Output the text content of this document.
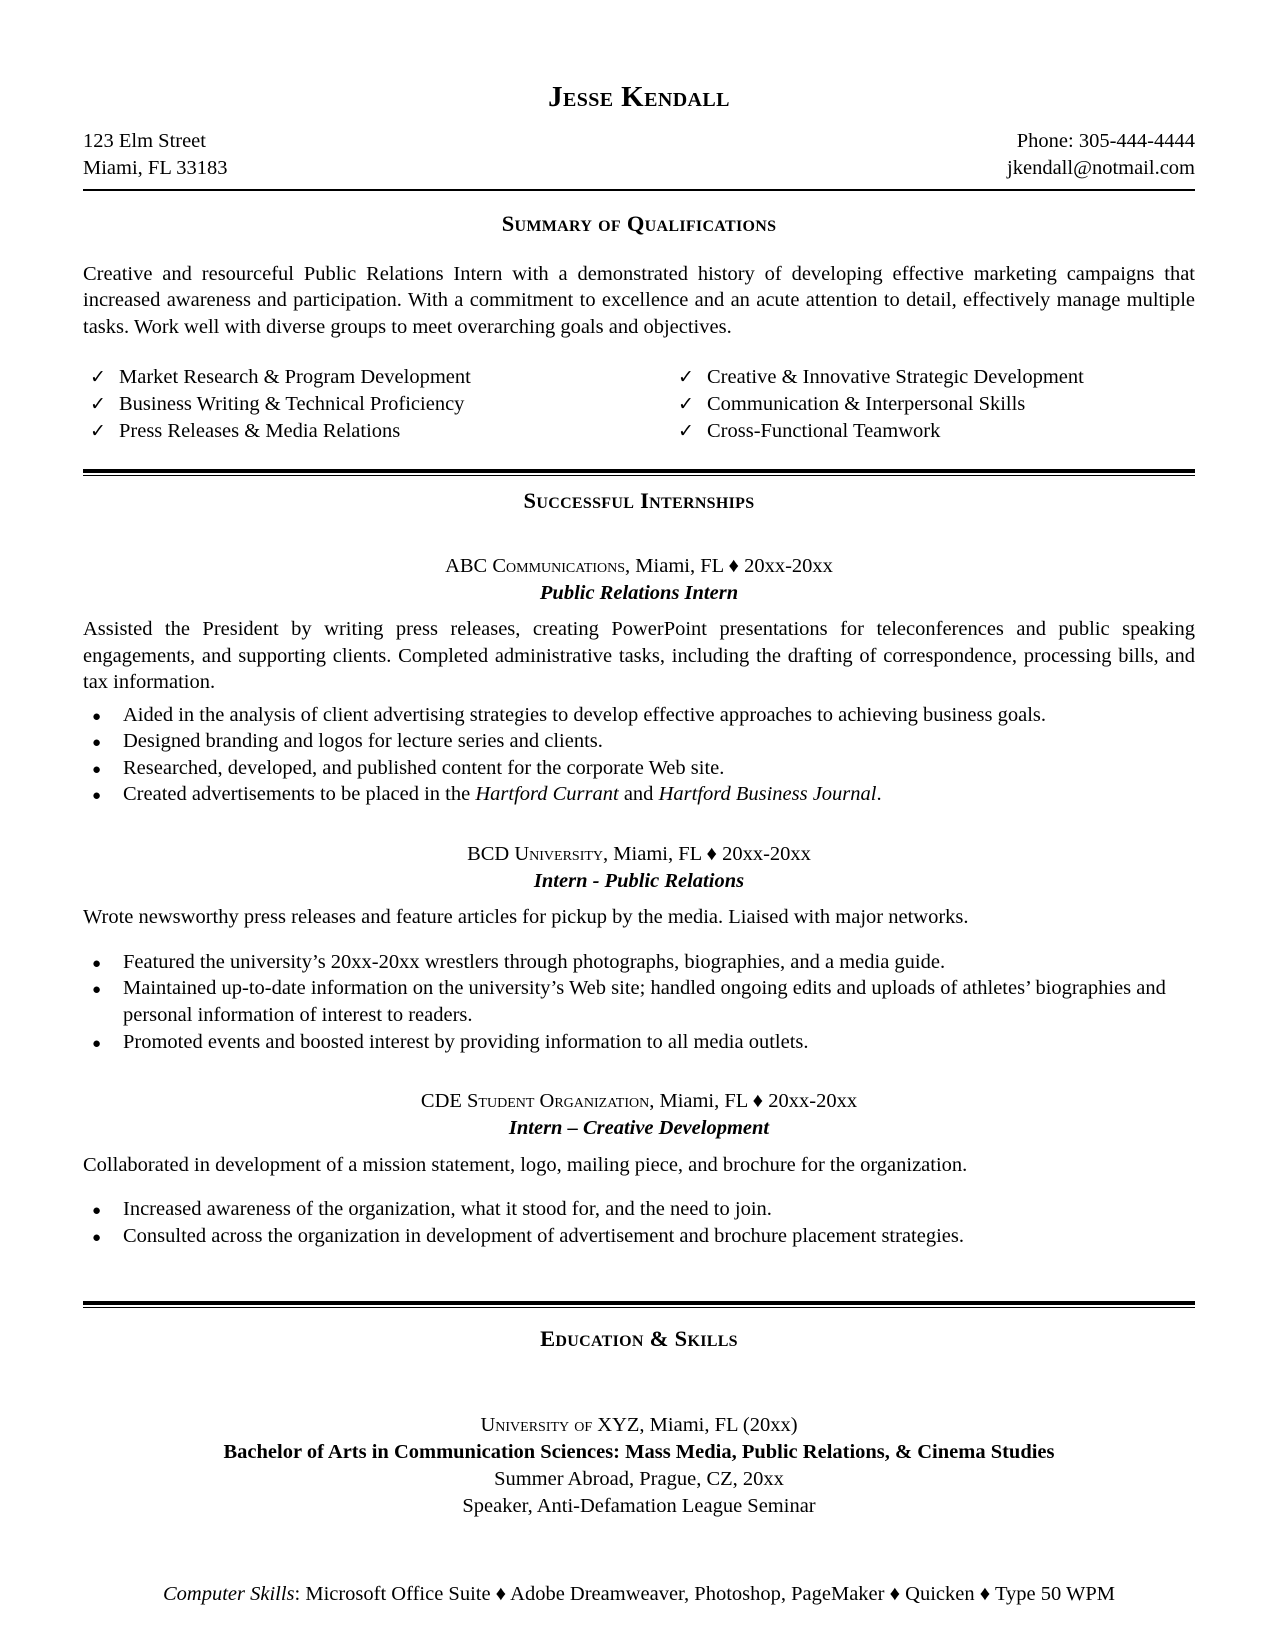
Jesse Kendall
123 Elm Street
Miami, FL 33183
Phone: 305-444-4444
jkendall@notmail.com
Summary of Qualifications

Creative and resourceful Public Relations Intern with a demonstrated history of developing effective marketing campaigns that increased awareness and participation. With a commitment to excellence and an acute attention to detail, effectively manage multiple tasks. Work well with diverse groups to meet overarching goals and objectives.

✓ Market Research & Program Development
✓ Business Writing & Technical Proficiency
✓ Press Releases & Media Relations
✓ Creative & Innovative Strategic Development
✓ Communication & Interpersonal Skills
✓ Cross-Functional Teamwork
Successful Internships
ABC Communications, Miami, FL ♦ 20xx-20xx
Public Relations Intern

Assisted the President by writing press releases, creating PowerPoint presentations for teleconferences and public speaking engagements, and supporting clients. Completed administrative tasks, including the drafting of correspondence, processing bills, and tax information.

●	Aided in the analysis of client advertising strategies to develop effective approaches to achieving business goals.
●	Designed branding and logos for lecture series and clients.
●	Researched, developed, and published content for the corporate Web site.
●	Created advertisements to be placed in the Hartford Currant and Hartford Business Journal.
BCD University, Miami, FL ♦ 20xx-20xx
Intern - Public Relations

Wrote newsworthy press releases and feature articles for pickup by the media. Liaised with major networks.

●	Featured the university’s 20xx-20xx wrestlers through photographs, biographies, and a media guide.
●	Maintained up-to-date information on the university’s Web site; handled ongoing edits and uploads of athletes’ biographies and personal information of interest to readers.
●	Promoted events and boosted interest by providing information to all media outlets.
CDE Student Organization, Miami, FL ♦ 20xx-20xx
Intern – Creative Development

Collaborated in development of a mission statement, logo, mailing piece, and brochure for the organization.

●	Increased awareness of the organization, what it stood for, and the need to join.
●	Consulted across the organization in development of advertisement and brochure placement strategies.
Education & Skills
University of XYZ, Miami, FL (20xx)
Bachelor of Arts in Communication Sciences: Mass Media, Public Relations, & Cinema Studies
Summer Abroad, Prague, CZ, 20xx
Speaker, Anti-Defamation League Seminar
Computer Skills: Microsoft Office Suite ♦ Adobe Dreamweaver, Photoshop, PageMaker ♦ Quicken ♦ Type 50 WPM
